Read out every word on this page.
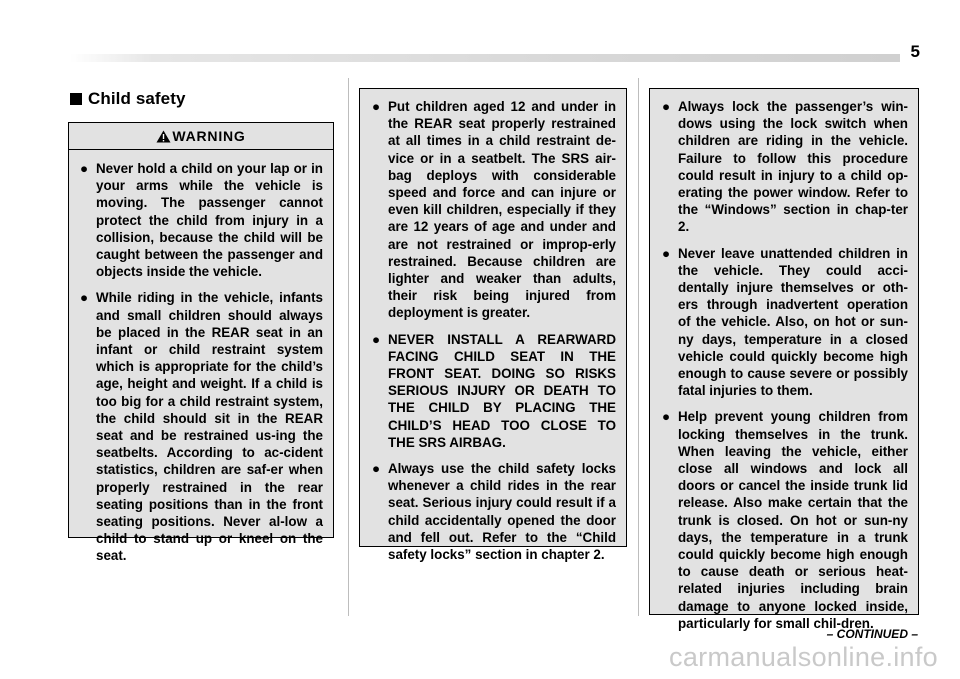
5
Child safety
WARNING
● Never hold a child on your lap or in your arms while the vehicle is moving. The passenger cannot protect the child from injury in a collision, because the child will be caught between the passenger and objects inside the vehicle.
● While riding in the vehicle, infants and small children should always be placed in the REAR seat in an infant or child restraint system which is appropriate for the child’s age, height and weight. If a child is too big for a child restraint system, the child should sit in the REAR seat and be restrained us-ing the seatbelts. According to ac-cident statistics, children are saf-er when properly restrained in the rear seating positions than in the front seating positions. Never al-low a child to stand up or kneel on the seat.
● Put children aged 12 and under in the REAR seat properly restrained at all times in a child restraint de-vice or in a seatbelt. The SRS air-bag deploys with considerable speed and force and can injure or even kill children, especially if they are 12 years of age and under and are not restrained or improp-erly restrained. Because children are lighter and weaker than adults, their risk being injured from deployment is greater.
● NEVER INSTALL A REARWARD FACING CHILD SEAT IN THE FRONT SEAT. DOING SO RISKS SERIOUS INJURY OR DEATH TO THE CHILD BY PLACING THE CHILD’S HEAD TOO CLOSE TO THE SRS AIRBAG.
● Always use the child safety locks whenever a child rides in the rear seat. Serious injury could result if a child accidentally opened the door and fell out. Refer to the “Child safety locks” section in chapter 2.
● Always lock the passenger’s win-dows using the lock switch when children are riding in the vehicle. Failure to follow this procedure could result in injury to a child op-erating the power window. Refer to the “Windows” section in chap-ter 2.
● Never leave unattended children in the vehicle. They could acci-dentally injure themselves or oth-ers through inadvertent operation of the vehicle. Also, on hot or sun-ny days, temperature in a closed vehicle could quickly become high enough to cause severe or possibly fatal injuries to them.
● Help prevent young children from locking themselves in the trunk. When leaving the vehicle, either close all windows and lock all doors or cancel the inside trunk lid release. Also make certain that the trunk is closed. On hot or sun-ny days, the temperature in a trunk could quickly become high enough to cause death or serious heat-related injuries including brain damage to anyone locked inside, particularly for small chil-dren.
– CONTINUED –
carmanualsonline.info
